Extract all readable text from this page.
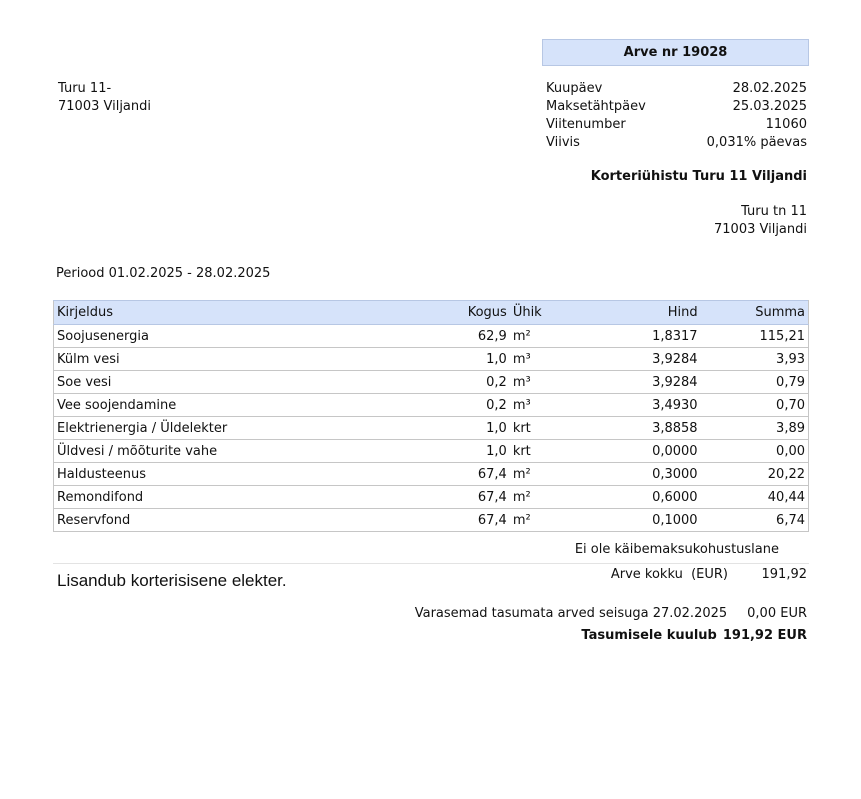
Arve nr 19028
Turu 11-
71003 Viljandi
Kuupäev	28.02.2025
Maksetähtpäev	25.03.2025
Viitenumber	11060
Viivis	0,031% päevas
Korteriühistu Turu 11 Viljandi
Turu tn 11
71003 Viljandi
Periood 01.02.2025 - 28.02.2025
Kirjeldus	Kogus	Ühik	Hind	Summa
Soojusenergia	62,9	m²	1,8317	115,21
Külm vesi	1,0	m³	3,9284	3,93
Soe vesi	0,2	m³	3,9284	0,79
Vee soojendamine	0,2	m³	3,4930	0,70
Elektrienergia / Üldelekter	1,0	krt	3,8858	3,89
Üldvesi / mõõturite vahe	1,0	krt	0,0000	0,00
Haldusteenus	67,4	m²	0,3000	20,22
Remondifond	67,4	m²	0,6000	40,44
Reservfond	67,4	m²	0,1000	6,74
Ei ole käibemaksukohustuslane
Lisandub korterisisene elekter.	Arve kokku  (EUR)	191,92
Varasemad tasumata arved seisuga 27.02.2025 0,00 EUR
Tasumisele kuulub 191,92 EUR
